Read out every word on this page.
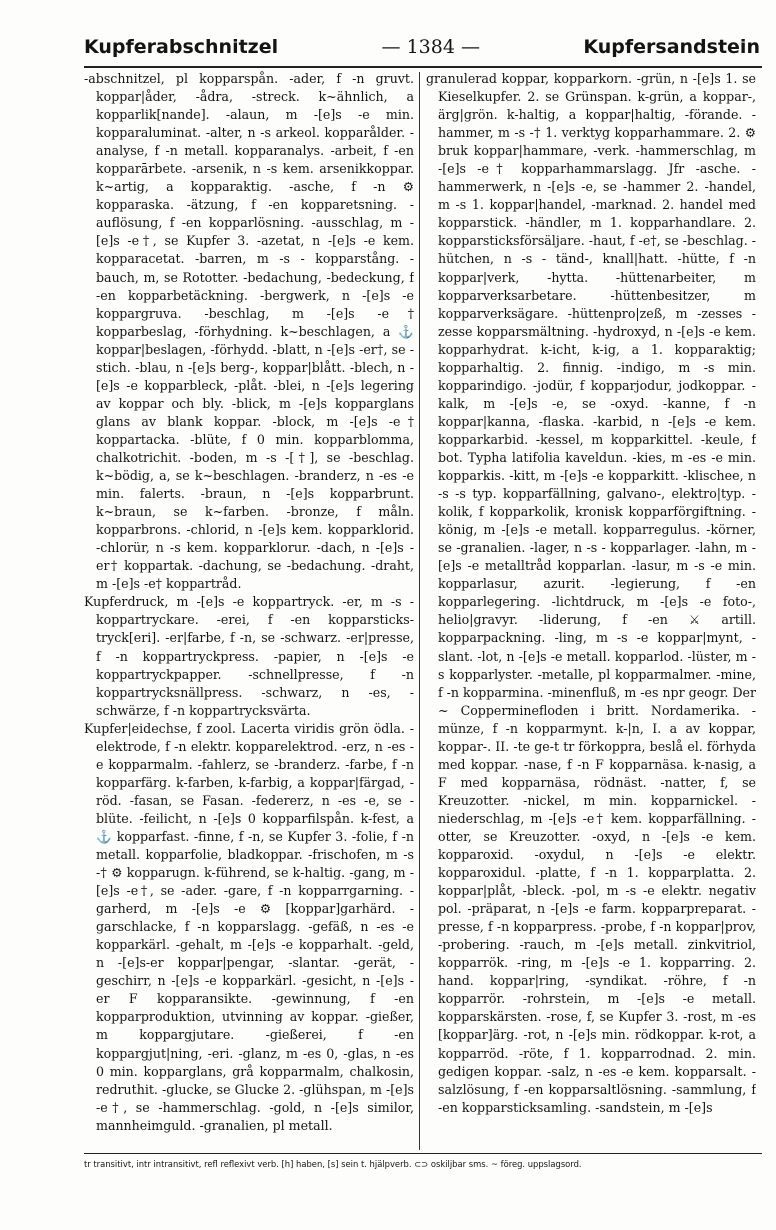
Kupferabschnitzel	— 1384 —	Kupfersandstein

-abschnitzel, pl kopparspån. -ader, f -n gruvt. koppar|åder, -ådra, -streck. k~ähnlich, a kopparlik[nande]. -alaun, m -[e]s -e min. kopparaluminat. -alter, n -s arkeol. kopparålder. -analyse, f -n metall. kopparanalys. -arbeit, f -en kopparārbete. -arsenik, n -s kem. arsenikkoppar. k~artig, a kopparaktig. -asche, f -n ⚙ kopparaska. -ätzung, f -en kopparetsning. -auflösung, f -en kopparlösning. -ausschlag, m -[e]s -e†, se Kupfer 3. -azetat, n -[e]s -e kem. kopparacetat. -barren, m -s - kopparstång. -bauch, m, se Rototter. -bedachung, -bedeckung, f -en kopparbetäckning. -bergwerk, n -[e]s -e koppargruva. -beschlag, m -[e]s -e† kopparbeslag, -förhydning. k~beschlagen, a ⚓ koppar|beslagen, -förhydd. -blatt, n -[e]s -er†, se -stich. -blau, n -[e]s berg-, koppar|blått. -blech, n -[e]s -e kopparbleck, -plåt. -blei, n -[e]s legering av koppar och bly. -blick, m -[e]s kopparglans glans av blank koppar. -block, m -[e]s -e† koppartacka. -blüte, f 0 min. kopparblomma, chalkotrichit. -boden, m -s -[†], se -beschlag. k~bödig, a, se k~beschlagen. -branderz, n -es -e min. falerts. -braun, n -[e]s kopparbrunt. k~braun, se k~farben. -bronze, f måln. kopparbrons. -chlorid, n -[e]s kem. kopparklorid. -chlorür, n -s kem. kopparklorur. -dach, n -[e]s -er† koppartak. -dachung, se -bedachung. -draht, m -[e]s -e† koppartråd.

Kupferdruck, m -[e]s -e koppartryck. -er, m -s - koppartryckare. -erei, f -en kopparsticks-tryck[eri]. -er|farbe, f -n, se -schwarz. -er|presse, f -n koppartryckpress. -papier, n -[e]s -e koppartryckpapper. -schnellpresse, f -n koppartrycksnällpress. -schwarz, n -es, -schwärze, f -n koppartrycksvärta.

Kupfer|eidechse, f zool. Lacerta viridis grön ödla. -elektrode, f -n elektr. kopparelektrod. -erz, n -es -e kopparmalm. -fahlerz, se -branderz. -farbe, f -n kopparfärg. k-farben, k-farbig, a koppar|färgad, -röd. -fasan, se Fasan. -federerz, n -es -e, se -blüte. -feilicht, n -[e]s 0 kopparfilspån. k-fest, a ⚓ kopparfast. -finne, f -n, se Kupfer 3. -folie, f -n metall. kopparfolie, bladkoppar. -frischofen, m -s -† ⚙ kopparugn. k-führend, se k-haltig. -gang, m -[e]s -e†, se -ader. -gare, f -n kopparrgarning. -garherd, m -[e]s -e ⚙ [koppar]garhärd. -garschlacke, f -n kopparslagg. -gefäß, n -es -e kopparkärl. -gehalt, m -[e]s -e kopparhalt. -geld, n -[e]s-er koppar|pengar, -slantar. -gerät, -geschirr, n -[e]s -e kopparkärl. -gesicht, n -[e]s -er F kopparansikte. -gewinnung, f -en kopparproduktion, utvinning av koppar. -gießer, m koppargjutare. -gießerei, f -en koppargjut|ning, -eri. -glanz, m -es 0, -glas, n -es 0 min. kopparglans, grå kopparmalm, chalkosin, redruthit. -glucke, se Glucke 2. -glühspan, m -[e]s -e†, se -hammerschlag. -gold, n -[e]s similor, mannheimguld. -granalien, pl metall.

granulerad koppar, kopparkorn. -grün, n -[e]s 1. se Kieselkupfer. 2. se Grünspan. k-grün, a koppar-, ärg|grön. k-haltig, a koppar|haltig, -förande. -hammer, m -s -† 1. verktyg kopparhammare. 2. ⚙ bruk koppar|hammare, -verk. -hammerschlag, m -[e]s -e† kopparhammarslagg. Jfr -asche. -hammerwerk, n -[e]s -e, se -hammer 2. -handel, m -s 1. koppar|handel, -marknad. 2. handel med kopparstick. -händler, m 1. kopparhandlare. 2. kopparsticksförsäljare. -haut, f -e†, se -beschlag. -hütchen, n -s - tänd-, knall|hatt. -hütte, f -n koppar|verk, -hytta. -hüttenarbeiter, m kopparverksarbetare. -hüttenbesitzer, m kopparverksägare. -hüttenpro|zeß, m -zesses -zesse kopparsmältning. -hydroxyd, n -[e]s -e kem. kopparhydrat. k-icht, k-ig, a 1. kopparaktig; kopparhaltig. 2. finnig. -indigo, m -s min. kopparindigo. -jodür, f kopparjodur, jodkoppar. -kalk, m -[e]s -e, se -oxyd. -kanne, f -n koppar|kanna, -flaska. -karbid, n -[e]s -e kem. kopparkarbid. -kessel, m kopparkittel. -keule, f bot. Typha latifolia kaveldun. -kies, m -es -e min. kopparkis. -kitt, m -[e]s -e kopparkitt. -klischee, n -s -s typ. kopparfällning, galvano-, elektro|typ. -kolik, f kopparkolik, kronisk kopparförgiftning. -könig, m -[e]s -e metall. kopparregulus. -körner, se -granalien. -lager, n -s - kopparlager. -lahn, m -[e]s -e metalltråd kopparlan. -lasur, m -s -e min. kopparlasur, azurit. -legierung, f -en kopparlegering. -lichtdruck, m -[e]s -e foto-, helio|gravyr. -liderung, f -en ⚔ artill. kopparpackning. -ling, m -s -e koppar|mynt, -slant. -lot, n -[e]s -e metall. kopparlod. -lüster, m -s kopparlyster. -metalle, pl kopparmalmer. -mine, f -n kopparmina. -minenfluß, m -es npr geogr. Der ~ Copperminefloden i britt. Nordamerika. -münze, f -n kopparmynt. k-|n, I. a av koppar, koppar-. II. -te ge-t tr förkoppra, beslå el. förhyda med koppar. -nase, f -n F kopparnäsa. k-nasig, a F med kopparnäsa, rödnäst. -natter, f, se Kreuzotter. -nickel, m min. kopparnickel. -niederschlag, m -[e]s -e† kem. kopparfällning. -otter, se Kreuzotter. -oxyd, n -[e]s -e kem. kopparoxid. -oxydul, n -[e]s -e elektr. kopparoxidul. -platte, f -n 1. kopparplatta. 2. koppar|plåt, -bleck. -pol, m -s -e elektr. negativ pol. -präparat, n -[e]s -e farm. kopparpreparat. -presse, f -n kopparpress. -probe, f -n koppar|prov, -probering. -rauch, m -[e]s metall. zinkvitriol, kopparrök. -ring, m -[e]s -e 1. kopparring. 2. hand. koppar|ring, -syndikat. -röhre, f -n kopparrör. -rohrstein, m -[e]s -e metall. kopparskärsten. -rose, f, se Kupfer 3. -rost, m -es [koppar]ärg. -rot, n -[e]s min. rödkoppar. k-rot, a kopparröd. -röte, f 1. kopparrodnad. 2. min. gedigen koppar. -salz, n -es -e kem. kopparsalt. -salzlösung, f -en kopparsaltlösning. -sammlung, f -en kopparsticksamling. -sandstein, m -[e]s

tr transitivt, intr intransitivt, refl reflexivt verb. [h] haben, [s] sein t. hjälpverb. ⊂⊃ oskiljbar sms. ~ föreg. uppslagsord.
